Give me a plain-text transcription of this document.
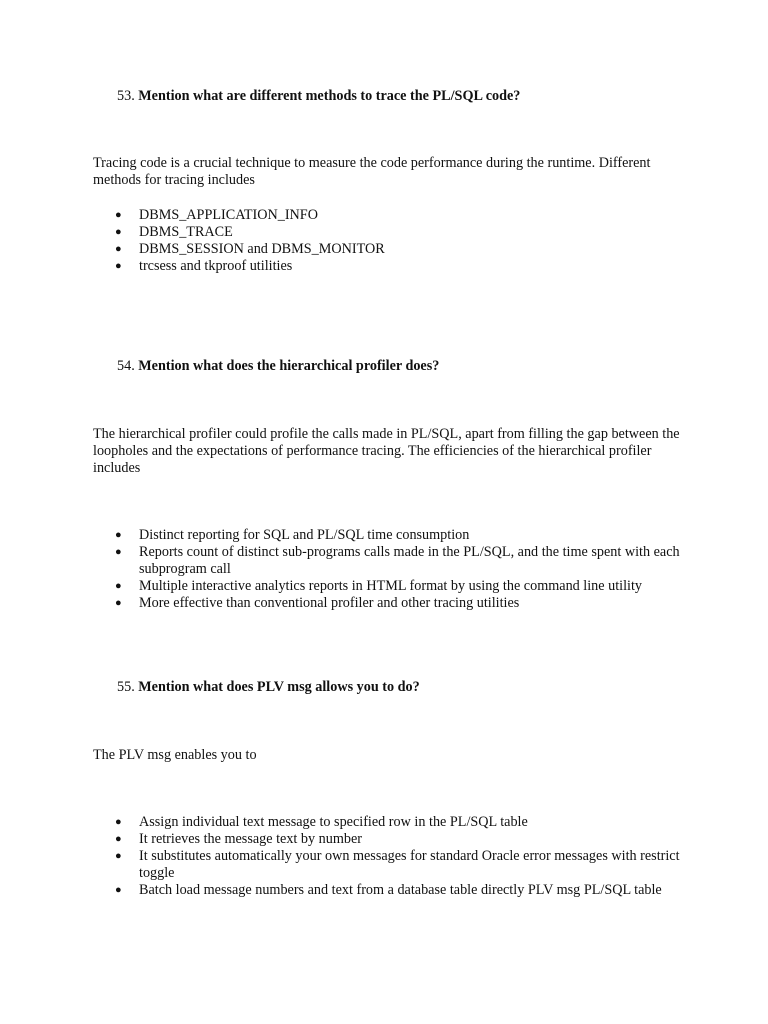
53. Mention what are different methods to trace the PL/SQL code?

Tracing code is a crucial technique to measure the code performance during the runtime. Different methods for tracing includes

● DBMS_APPLICATION_INFO
● DBMS_TRACE
● DBMS_SESSION and DBMS_MONITOR
● trcsess and tkproof utilities

54. Mention what does the hierarchical profiler does?

The hierarchical profiler could profile the calls made in PL/SQL, apart from filling the gap between the loopholes and the expectations of performance tracing. The efficiencies of the hierarchical profiler includes

● Distinct reporting for SQL and PL/SQL time consumption
● Reports count of distinct sub-programs calls made in the PL/SQL, and the time spent with each subprogram call
● Multiple interactive analytics reports in HTML format by using the command line utility
● More effective than conventional profiler and other tracing utilities

55. Mention what does PLV msg allows you to do?

The PLV msg enables you to

● Assign individual text message to specified row in the PL/SQL table
● It retrieves the message text by number
● It substitutes automatically your own messages for standard Oracle error messages with restrict toggle
● Batch load message numbers and text from a database table directly PLV msg PL/SQL table
